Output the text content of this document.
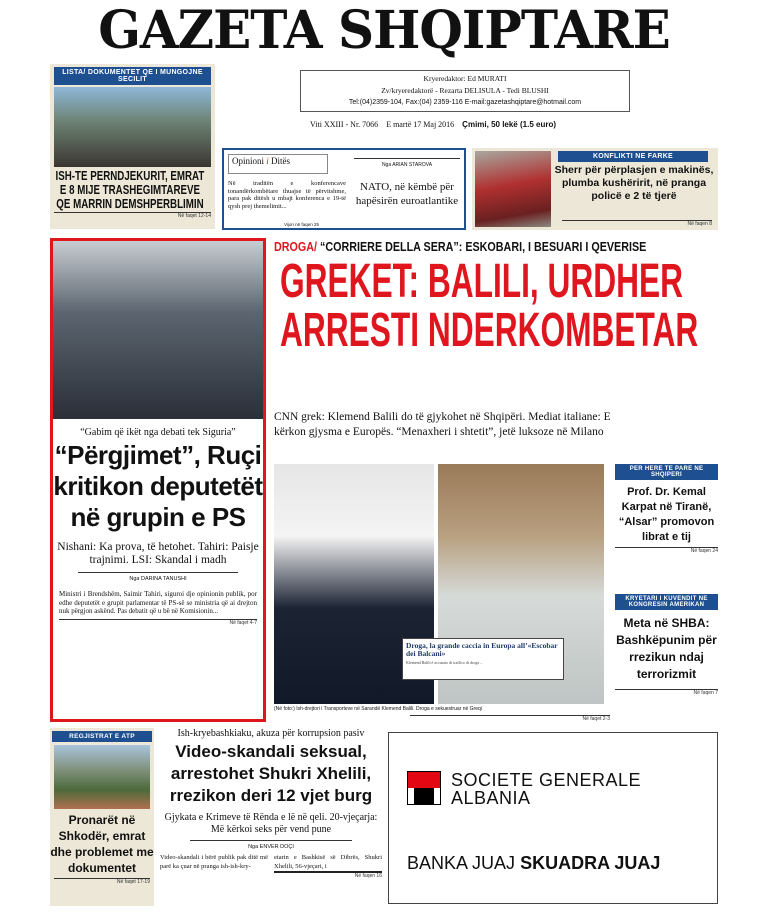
GAZETA SHQIPTARE
LISTA/ DOKUMENTET QE I MUNGOJNE SECILIT
ISH-TE PERNDJEKURIT, EMRAT E 8 MIJE TRASHEGIMTAREVE QE MARRIN DEMSHPERBLIMIN
Në faqet 12-14
Kryeredaktor: Ed MURATI
Zv/kryeredaktorë - Rezarta DELISULA - Tedi BLUSHI
Tel:(04)2359-104, Fax:(04) 2359-116 E-mail:gazetashqiptare@hotmail.com
Viti XXIII - Nr. 7066 E martë 17 Maj 2016 Çmimi, 50 lekë (1.5 euro)
Opinioni i Ditës
Në traditën e konferencave tonandërkombëtare thuajse të përvitshme, para pak ditësh u mbajt konferenca e 19-të qysh prej themelimit...
Vijon në faqen 25
Nga ARIAN STAROVA
NATO, në këmbë për hapësirën euroatlantike
KONFLIKTI NE FARKE
Sherr për përplasjen e makinës, plumba kushëririt, në pranga policë e 2 të tjerë
Në faqen 8
“Gabim që ikët nga debati tek Siguria”
“Përgjimet”, Ruçi kritikon deputetët në grupin e PS
Nishani: Ka prova, të hetohet. Tahiri: Paisje trajnimi. LSI: Skandal i madh
Nga DARINA TANUSHI
Ministri i Brendshëm, Saimir Tahiri, siguroi dje opinionin publik, por edhe deputetët e grupit parlamentar të PS-së se ministria që ai drejton nuk përgjon askënd. Pas debatit që u bë në Komisionin...
Në faqet 4-7
DROGA/ “CORRIERE DELLA SERA”: ESKOBARI, I BESUARI I QEVERISE
GREKET: BALILI, URDHER
ARRESTI NDERKOMBETAR
CNN grek: Klemend Balili do të gjykohet në Shqipëri. Mediat italiane: E kërkon gjysma e Europës. “Menaxheri i shtetit”, jetë luksoze në Milano
Droga, la grande caccia in Europa all’«Escobar dei Balcani»
Klemend Balili è accusato di traffico di droga ...
(Në foto:) Ish-drejtori i Transporteve në Sarandë Klemend Balili. Droga e sekuestruar në Greqi
Në faqet 2-3
PER HERE TE PARE NE SHQIPERI
Prof. Dr. Kemal Karpat në Tiranë, “Alsar” promovon librat e tij
Në faqen 24
KRYETARI I KUVENDIT NE KONGRESIN AMERIKAN
Meta në SHBA: Bashkëpunim për rrezikun ndaj terrorizmit
Në faqen 7
REGJISTRAT E ATP
Pronarët në Shkodër, emrat dhe problemet me dokumentet
Në faqet 17-19
Ish-kryebashkiaku, akuza për korrupsion pasiv
Video-skandali seksual, arrestohet Shukri Xhelili, rrezikon deri 12 vjet burg
Gjykata e Krimeve të Rënda e lë në qeli. 20-vjeçarja: Më kërkoi seks për vend pune
Nga ENVER DOÇI
Video-skandali i bërë publik pak ditë më parë ka çuar në pranga ish-ish-kry-
etarin e Bashkisë së Dibrës, Shukri Xhelili, 56-vjeçari, i
Në faqen 16
SOCIETE GENERALE
ALBANIA
BANKA JUAJ SKUADRA JUAJ
